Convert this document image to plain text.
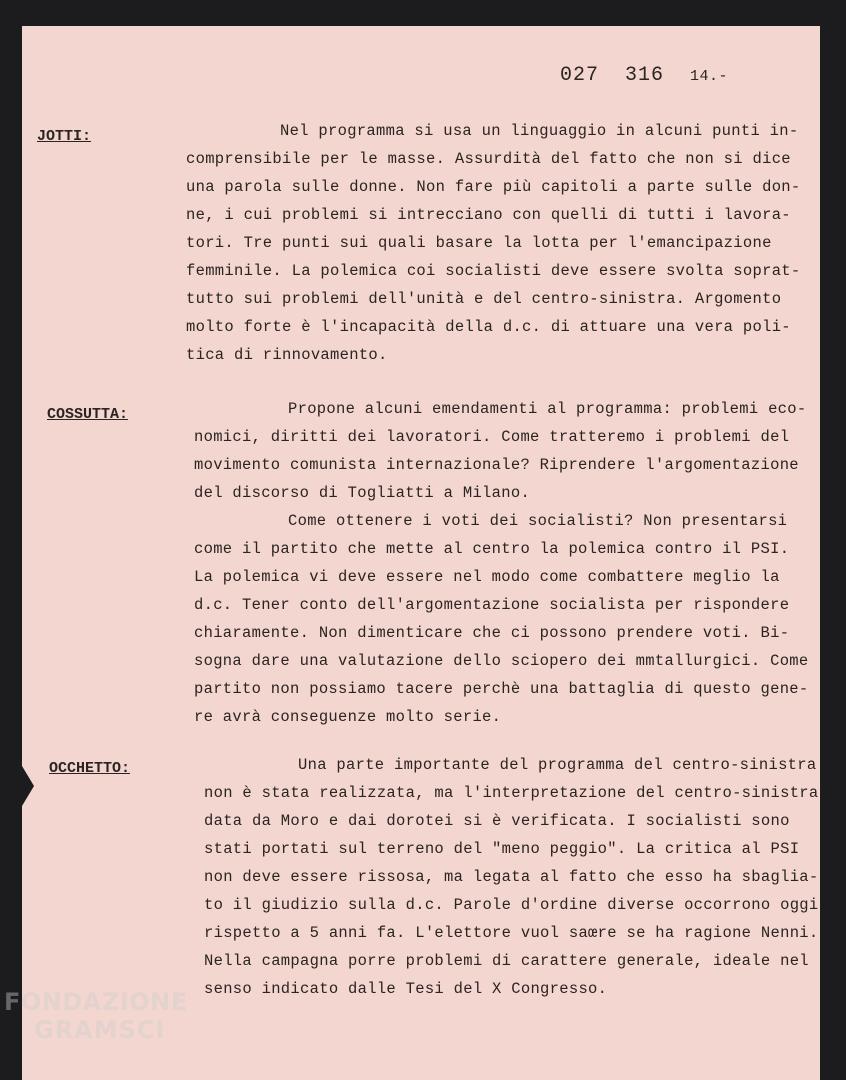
027 316 14.-
JOTTI:	Nel programma si usa un linguaggio in alcuni punti in-
comprensibile per le masse. Assurdità del fatto che non si dice
una parola sulle donne. Non fare più capitoli a parte sulle don-
ne, i cui problemi si intrecciano con quelli di tutti i lavora-
tori. Tre punti sui quali basare la lotta per l'emancipazione
femminile. La polemica coi socialisti deve essere svolta soprat-
tutto sui problemi dell'unità e del centro-sinistra. Argomento
molto forte è l'incapacità della d.c. di attuare una vera poli-
tica di rinnovamento.
COSSUTTA:	Propone alcuni emendamenti al programma: problemi eco-
nomici, diritti dei lavoratori. Come tratteremo i problemi del
movimento comunista internazionale? Riprendere l'argomentazione
del discorso di Togliatti a Milano.
Come ottenere i voti dei socialisti? Non presentarsi
come il partito che mette al centro la polemica contro il PSI.
La polemica vi deve essere nel modo come combattere meglio la
d.c. Tener conto dell'argomentazione socialista per rispondere
chiaramente. Non dimenticare che ci possono prendere voti. Bi-
sogna dare una valutazione dello sciopero dei mmtallurgici. Come
partito non possiamo tacere perchè una battaglia di questo gene-
re avrà conseguenze molto serie.
OCCHETTO:	Una parte importante del programma del centro-sinistra
non è stata realizzata, ma l'interpretazione del centro-sinistra
data da Moro e dai dorotei si è verificata. I socialisti sono
stati portati sul terreno del "meno peggio". La critica al PSI
non deve essere rissosa, ma legata al fatto che esso ha sbaglia-
to il giudizio sulla d.c. Parole d'ordine diverse occorrono oggi
rispetto a 5 anni fa. L'elettore vuol saœre se ha ragione Nenni.
Nella campagna porre problemi di carattere generale, ideale nel
senso indicato dalle Tesi del X Congresso.
FONDAZIONE
GRAMSCI
